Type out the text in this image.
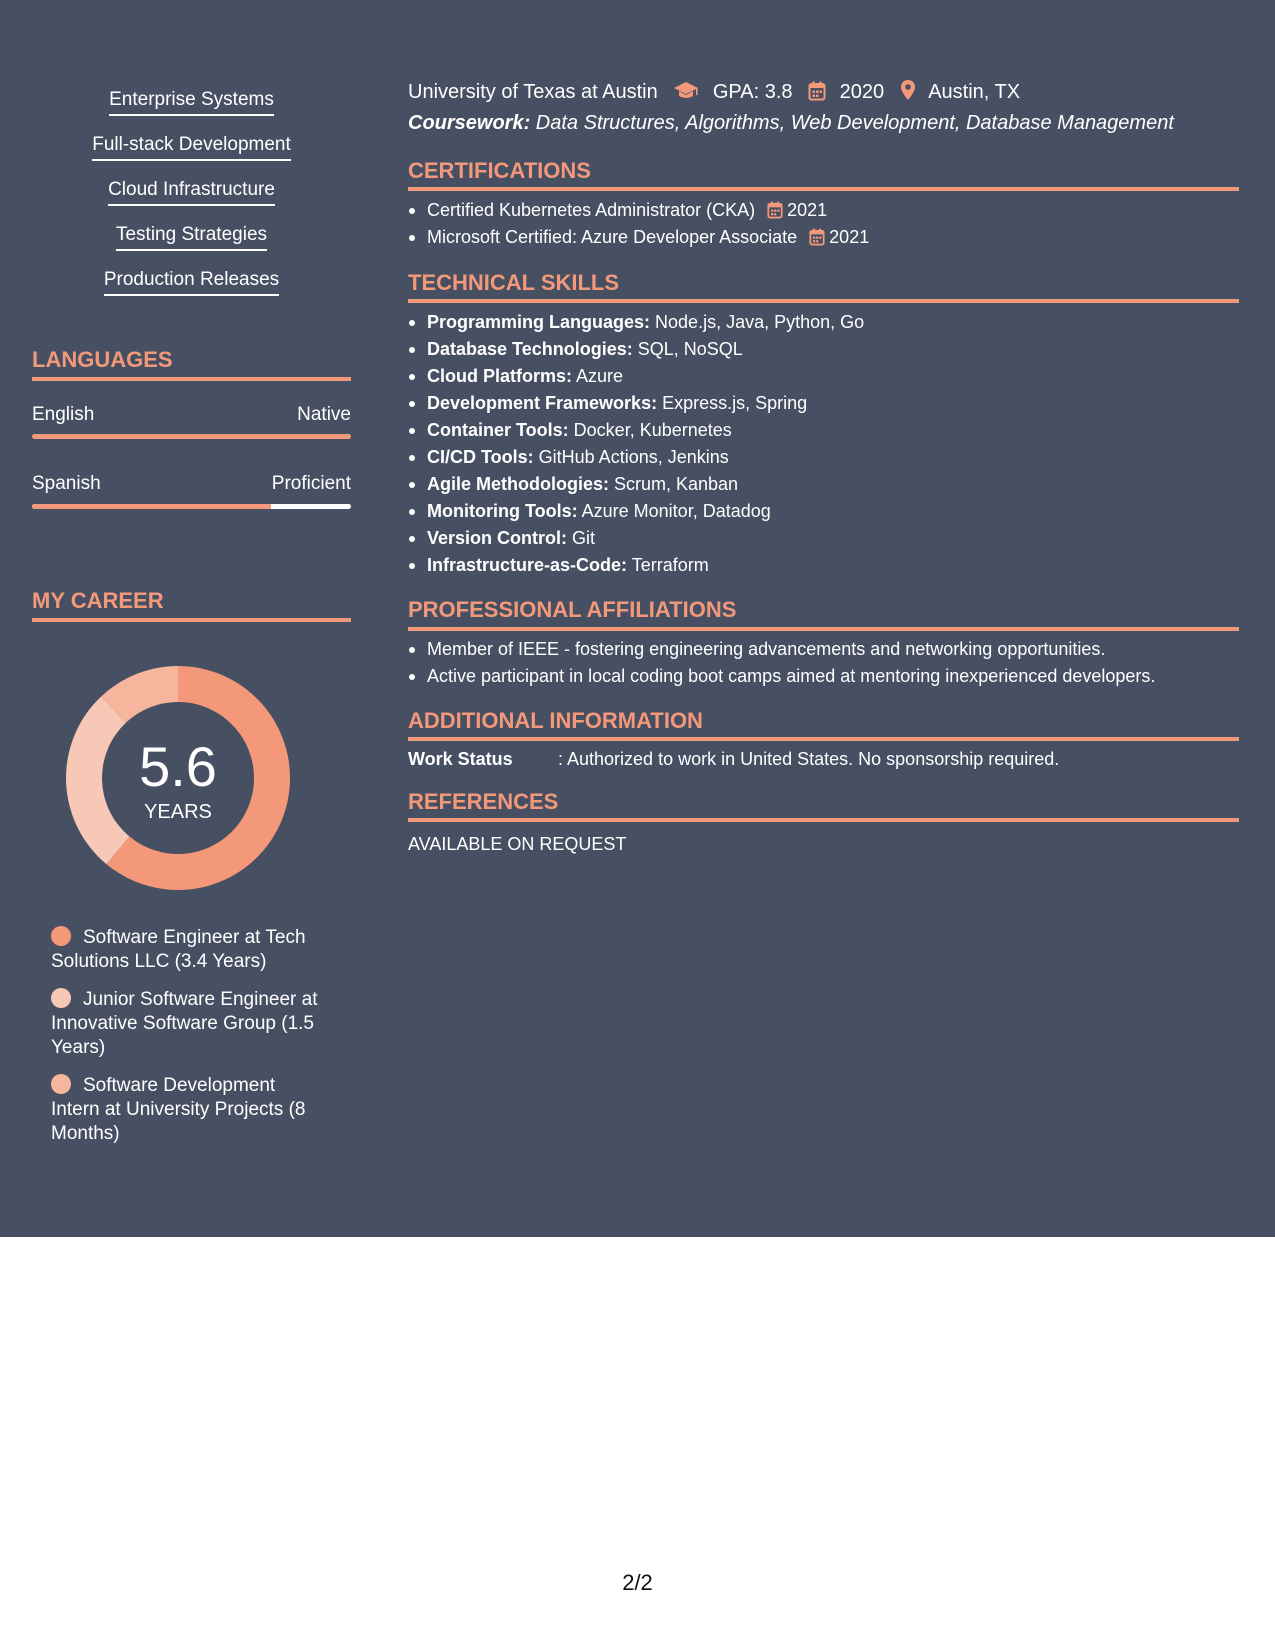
Enterprise Systems
Full-stack Development
Cloud Infrastructure
Testing Strategies
Production Releases
LANGUAGES
English	Native
Spanish	Proficient
MY CAREER
5.6
YEARS
Software Engineer at Tech Solutions LLC (3.4 Years)
Junior Software Engineer at Innovative Software Group (1.5 Years)
Software Development Intern at University Projects (8 Months)
University of Texas at Austin	GPA: 3.8 2020 Austin, TX
Coursework: Data Structures, Algorithms, Web Development, Database Management
CERTIFICATIONS
Certified Kubernetes Administrator (CKA) 2021
Microsoft Certified: Azure Developer Associate 2021
TECHNICAL SKILLS
Programming Languages: Node.js, Java, Python, Go
Database Technologies: SQL, NoSQL
Cloud Platforms: Azure
Development Frameworks: Express.js, Spring
Container Tools: Docker, Kubernetes
CI/CD Tools: GitHub Actions, Jenkins
Agile Methodologies: Scrum, Kanban
Monitoring Tools: Azure Monitor, Datadog
Version Control: Git
Infrastructure-as-Code: Terraform
PROFESSIONAL AFFILIATIONS
Member of IEEE - fostering engineering advancements and networking opportunities.
Active participant in local coding boot camps aimed at mentoring inexperienced developers.
ADDITIONAL INFORMATION
Work Status	: Authorized to work in United States. No sponsorship required.
REFERENCES
AVAILABLE ON REQUEST
2/2
